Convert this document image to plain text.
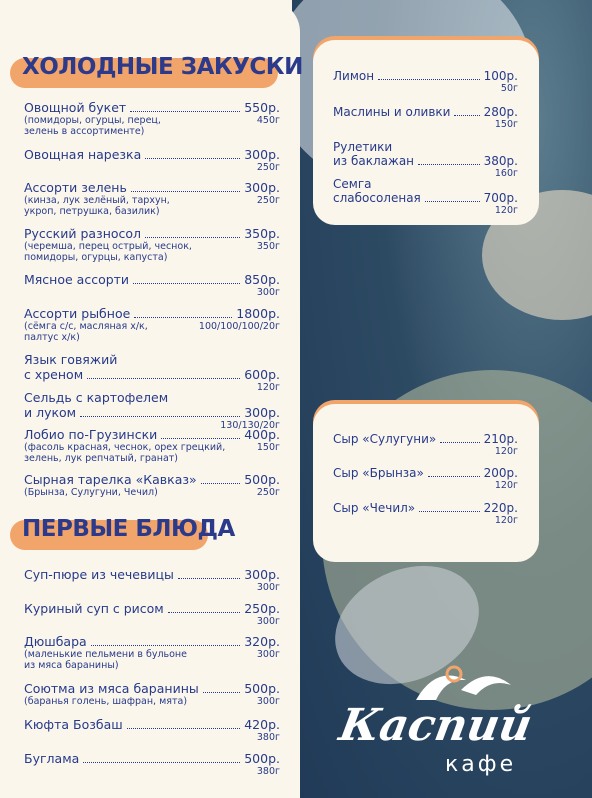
ХОЛОДНЫЕ ЗАКУСКИ
Овощной букет	550р.
(помидоры, огурцы, перец,
зелень в ассортименте)
450г
Овощная нарезка	300р.
250г
Ассорти зелень	300р.
(кинза, лук зелёный, тархун,
укроп, петрушка, базилик)
250г
Русский разносол	350р.
(черемша, перец острый, чеснок,
помидоры, огурцы, капуста)
350г
Мясное ассорти	850р.
300г
Ассорти рыбное	1800р.
(сёмга с/с, масляная х/к,
палтус х/к)
100/100/100/20г
Язык говяжий
с хреном	600р.
120г
Сельдь с картофелем
и луком	300р.
130/130/20г
Лобио по-Грузински	400р.
(фасоль красная, чеснок, орех грецкий,
зелень, лук репчатый, гранат)
150г
Сырная тарелка «Кавказ»	500р.
(Брынза, Сулугуни, Чечил)	250г
ПЕРВЫЕ БЛЮДА
Суп-пюре из чечевицы	300р.
300г
Куриный суп с рисом	250р.
300г
Дюшбара	320р.
(маленькие пельмени в бульоне
из мяса баранины)
300г
Соютма из мяса баранины	500р.
(баранья голень, шафран, мята)	300г
Кюфта Бозбаш	420р.
380г
Буглама	500р.
380г
Каспий
кафе
Лимон	100р.
50г
Маслины и оливки	280р.
150г
Рулетики
из баклажан	380р.
160г
Семга
слабосоленая	700р.
120г
Сыр «Сулугуни»	210р.
120г
Сыр «Брынза»	200р.
120г
Сыр «Чечил»	220р.
120г
